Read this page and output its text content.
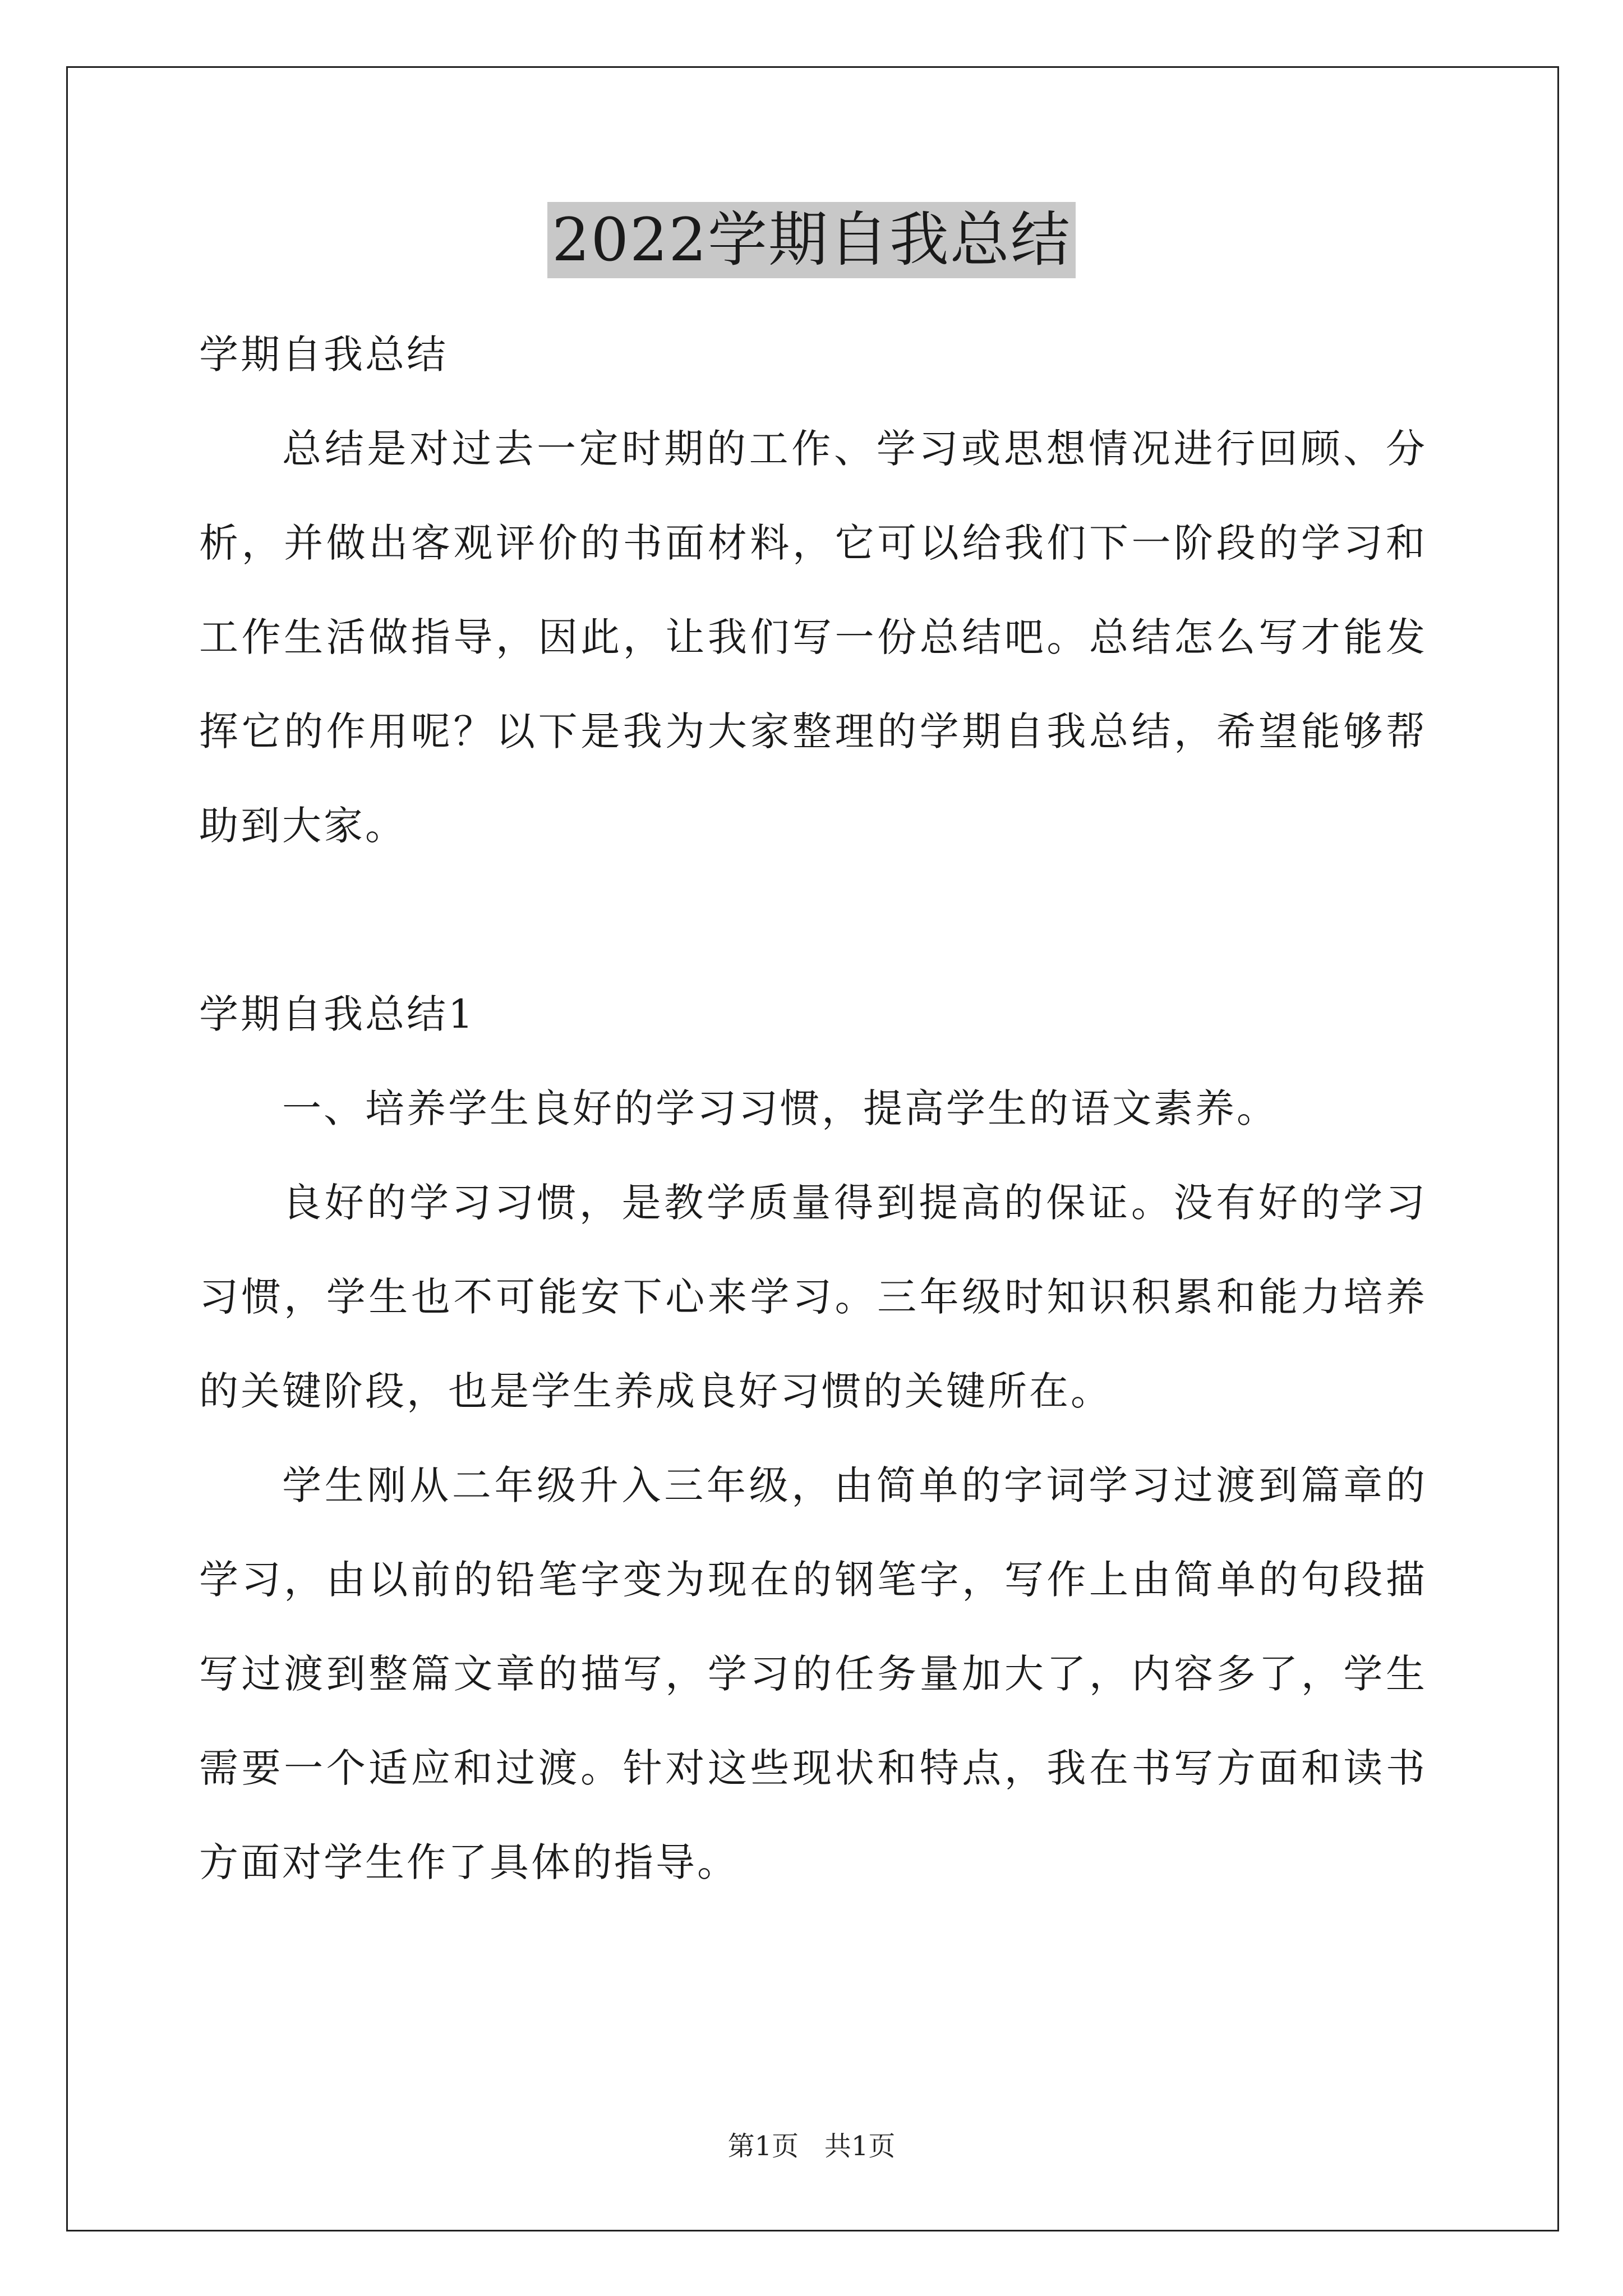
2022学期自我总结

学期自我总结

总结是对过去一定时期的工作、学习或思想情况进行回顾、分析，并做出客观评价的书面材料，它可以给我们下一阶段的学习和工作生活做指导，因此，让我们写一份总结吧。总结怎么写才能发挥它的作用呢？以下是我为大家整理的学期自我总结，希望能够帮助到大家。

学期自我总结1

一、培养学生良好的学习习惯，提高学生的语文素养。

良好的学习习惯，是教学质量得到提高的保证。没有好的学习习惯，学生也不可能安下心来学习。三年级时知识积累和能力培养的关键阶段，也是学生养成良好习惯的关键所在。

学生刚从二年级升入三年级，由简单的字词学习过渡到篇章的学习，由以前的铅笔字变为现在的钢笔字，写作上由简单的句段描写过渡到整篇文章的描写，学习的任务量加大了，内容多了，学生需要一个适应和过渡。针对这些现状和特点，我在书写方面和读书方面对学生作了具体的指导。

第1页 共1页
